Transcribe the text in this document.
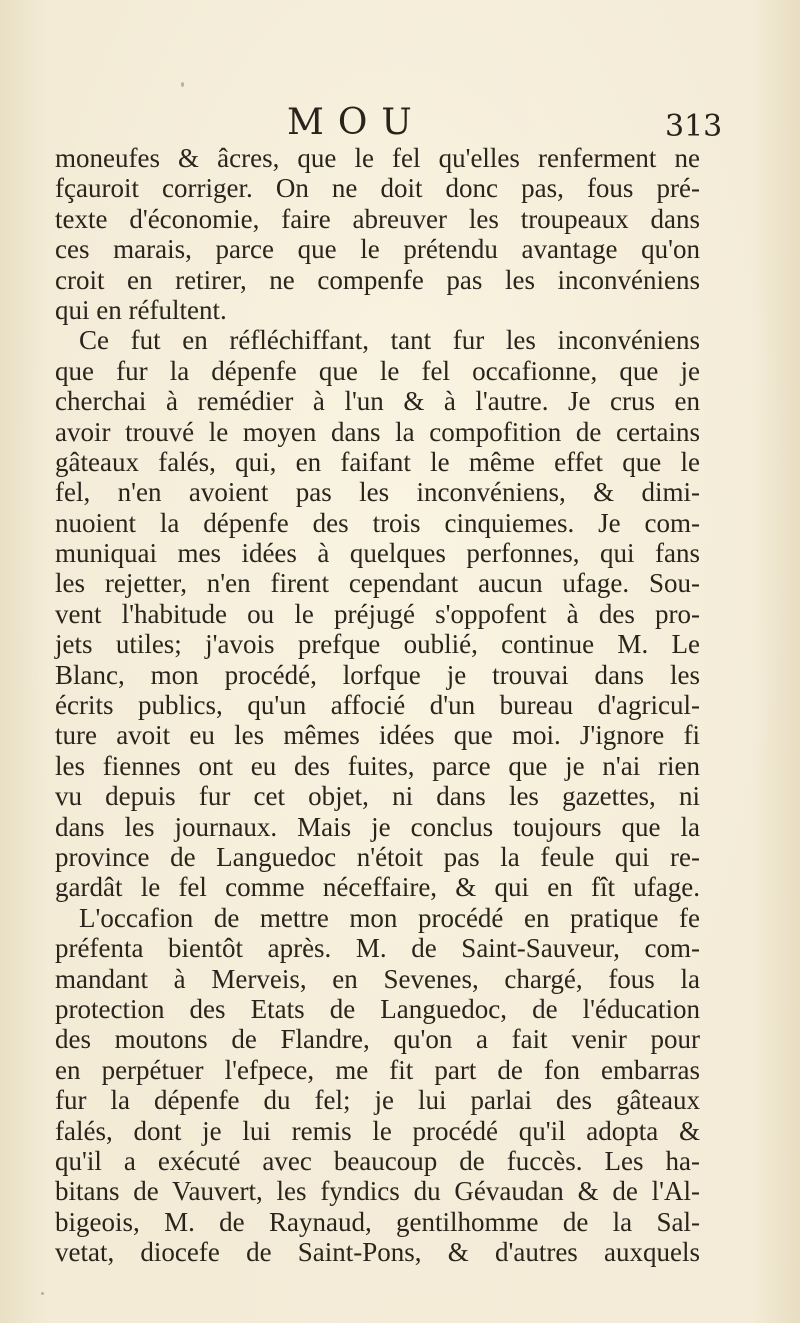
MOU	313
moneufes & âcres, que le fel qu'elles renferment ne
fçauroit corriger. On ne doit donc pas, fous pré-
texte d'économie, faire abreuver les troupeaux dans
ces marais, parce que le prétendu avantage qu'on
croit en retirer, ne compenfe pas les inconvéniens
qui en réfultent.
Ce fut en réfléchiffant, tant fur les inconvéniens
que fur la dépenfe que le fel occafionne, que je
cherchai à remédier à l'un & à l'autre. Je crus en
avoir trouvé le moyen dans la compofition de certains
gâteaux falés, qui, en faifant le même effet que le
fel, n'en avoient pas les inconvéniens, & dimi-
nuoient la dépenfe des trois cinquiemes. Je com-
muniquai mes idées à quelques perfonnes, qui fans
les rejetter, n'en firent cependant aucun ufage. Sou-
vent l'habitude ou le préjugé s'oppofent à des pro-
jets utiles; j'avois prefque oublié, continue M. Le
Blanc, mon procédé, lorfque je trouvai dans les
écrits publics, qu'un affocié d'un bureau d'agricul-
ture avoit eu les mêmes idées que moi. J'ignore fi
les fiennes ont eu des fuites, parce que je n'ai rien
vu depuis fur cet objet, ni dans les gazettes, ni
dans les journaux. Mais je conclus toujours que la
province de Languedoc n'étoit pas la feule qui re-
gardât le fel comme néceffaire, & qui en fît ufage.
L'occafion de mettre mon procédé en pratique fe
préfenta bientôt après. M. de Saint-Sauveur, com-
mandant à Merveis, en Sevenes, chargé, fous la
protection des Etats de Languedoc, de l'éducation
des moutons de Flandre, qu'on a fait venir pour
en perpétuer l'efpece, me fit part de fon embarras
fur la dépenfe du fel; je lui parlai des gâteaux
falés, dont je lui remis le procédé qu'il adopta &
qu'il a exécuté avec beaucoup de fuccès. Les ha-
bitans de Vauvert, les fyndics du Gévaudan & de l'Al-
bigeois, M. de Raynaud, gentilhomme de la Sal-
vetat, diocefe de Saint-Pons, & d'autres auxquels
